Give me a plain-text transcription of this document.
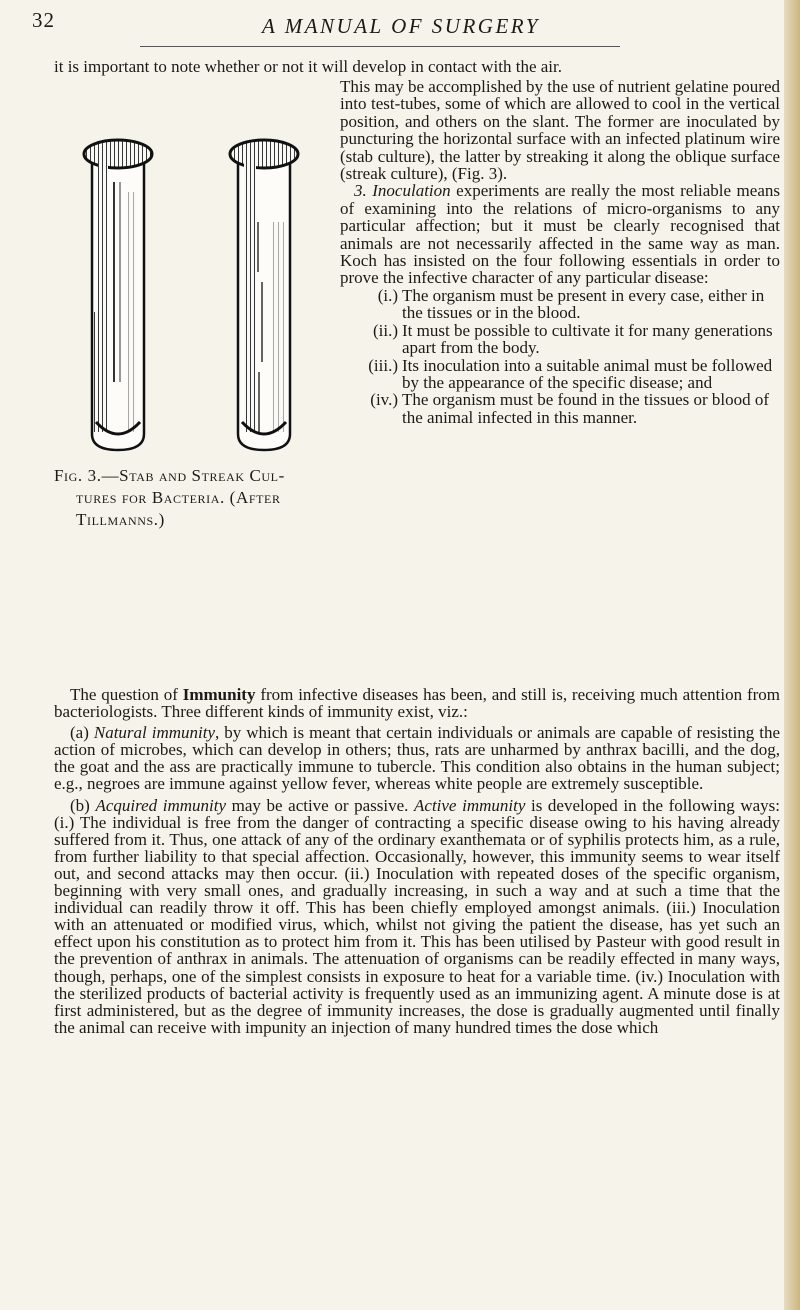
32	A MANUAL OF SURGERY
it is important to note whether or not it will develop in contact with the air.
Fig. 3.—Stab and Streak Cul-
tures for Bacteria. (After
Tillmanns.)

This may be accomplished by the use of nutrient gelatine poured into test-tubes, some of which are allowed to cool in the vertical position, and others on the slant. The former are inoculated by puncturing the horizontal surface with an infected platinum wire (stab culture), the latter by streaking it along the oblique surface (streak culture), (Fig. 3).

3. Inoculation experiments are really the most reliable means of examining into the relations of micro-organisms to any particular affection; but it must be clearly recognised that animals are not necessarily affected in the same way as man. Koch has insisted on the four following essentials in order to prove the infective character of any particular disease:

(i.) The organism must be present in every case, either in the tissues or in the blood.
(ii.) It must be possible to cultivate it for many generations apart from the body.
(iii.) Its inoculation into a suitable animal must be followed by the appearance of the specific disease; and
(iv.) The organism must be found in the tissues or blood of the animal infected in this manner.

The question of Immunity from infective diseases has been, and still is, receiving much attention from bacteriologists. Three different kinds of immunity exist, viz.:

(a) Natural immunity, by which is meant that certain individuals or animals are capable of resisting the action of microbes, which can develop in others; thus, rats are unharmed by anthrax bacilli, and the dog, the goat and the ass are practically immune to tubercle. This condition also obtains in the human subject; e.g., negroes are immune against yellow fever, whereas white people are extremely susceptible.

(b) Acquired immunity may be active or passive. Active immunity is developed in the following ways: (i.) The individual is free from the danger of contracting a specific disease owing to his having already suffered from it. Thus, one attack of any of the ordinary exanthemata or of syphilis protects him, as a rule, from further liability to that special affection. Occasionally, however, this immunity seems to wear itself out, and second attacks may then occur. (ii.) Inoculation with repeated doses of the specific organism, beginning with very small ones, and gradually increasing, in such a way and at such a time that the individual can readily throw it off. This has been chiefly employed amongst animals. (iii.) Inoculation with an attenuated or modified virus, which, whilst not giving the patient the disease, has yet such an effect upon his constitution as to protect him from it. This has been utilised by Pasteur with good result in the prevention of anthrax in animals. The attenuation of organisms can be readily effected in many ways, though, perhaps, one of the simplest consists in exposure to heat for a variable time. (iv.) Inoculation with the sterilized products of bacterial activity is frequently used as an immunizing agent. A minute dose is at first administered, but as the degree of immunity increases, the dose is gradually augmented until finally the animal can receive with impunity an injection of many hundred times the dose which
